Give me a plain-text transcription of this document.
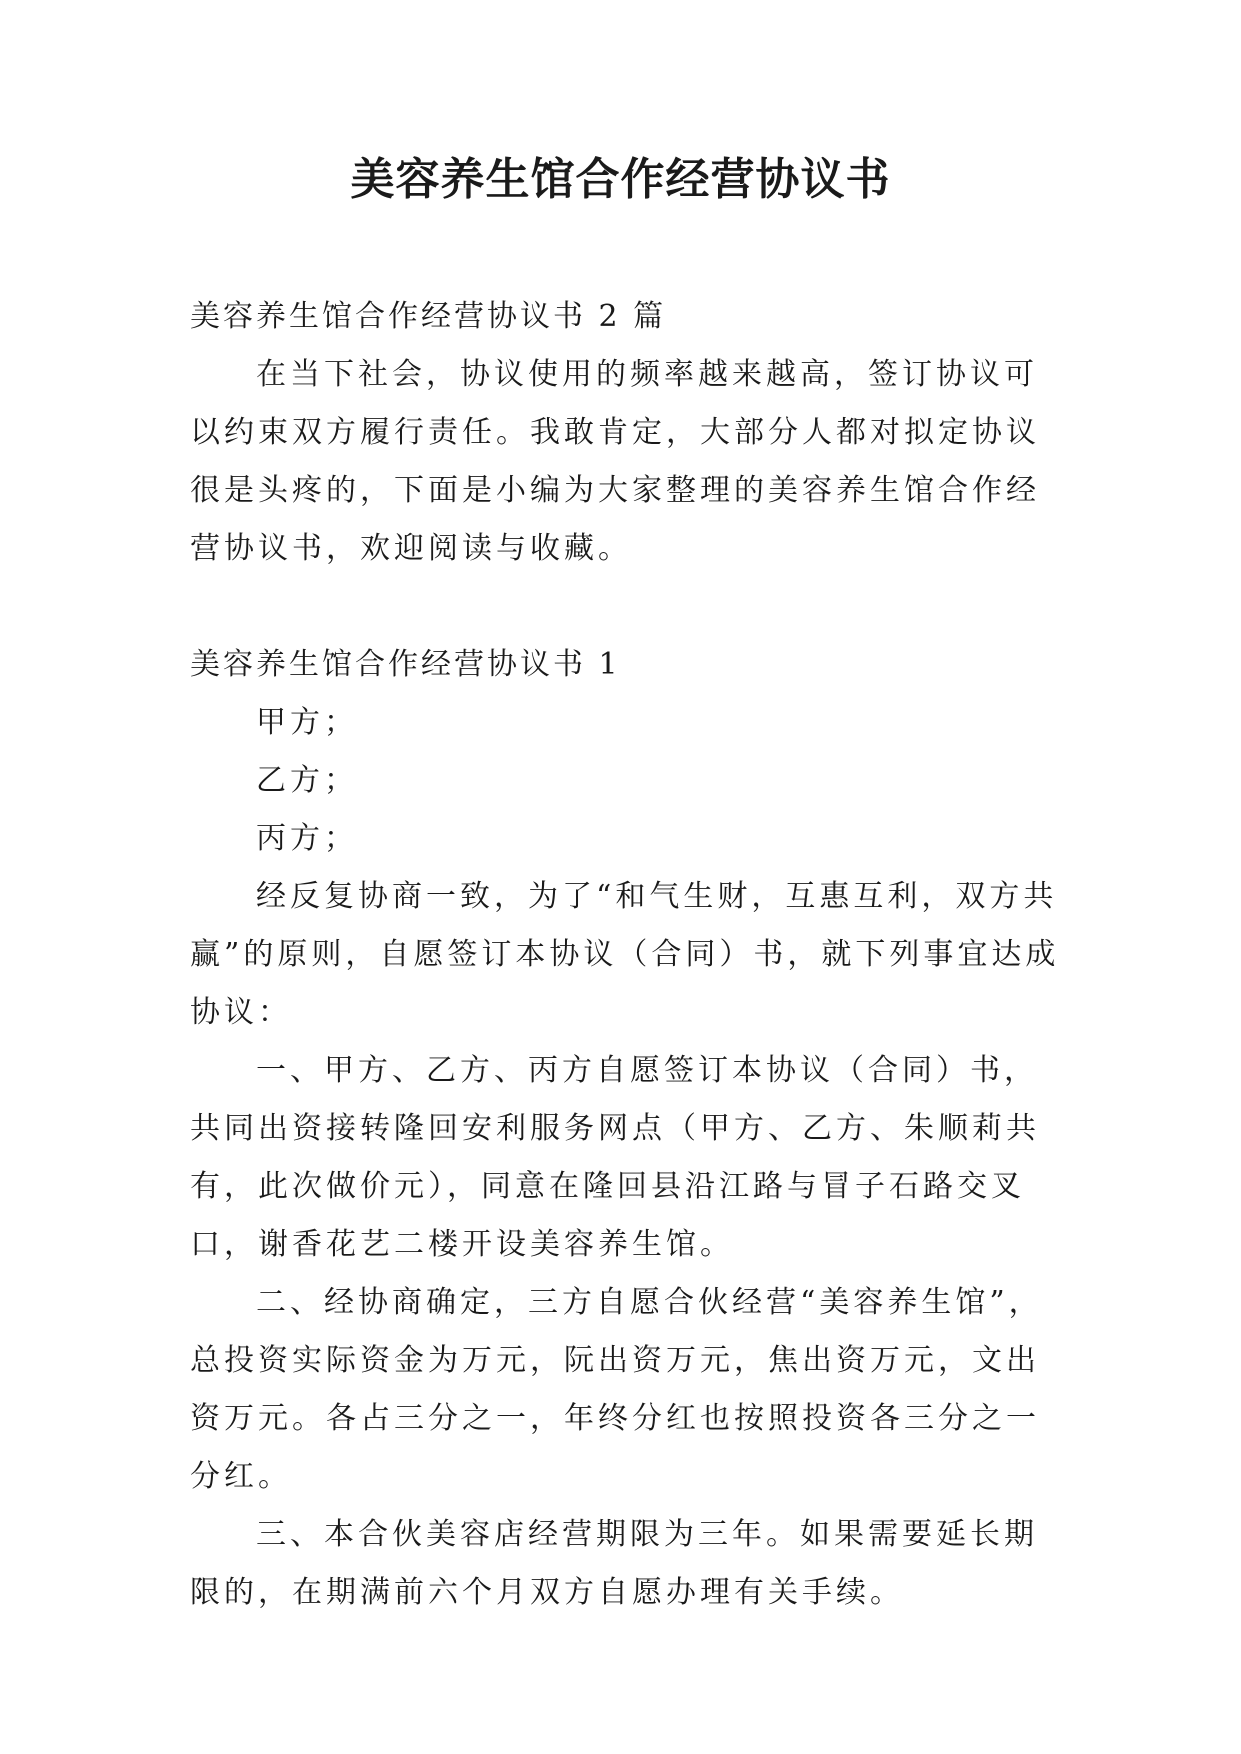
美容养生馆合作经营协议书

美容养生馆合作经营协议书 2 篇

在当下社会，协议使用的频率越来越高，签订协议可以约束双方履行责任。我敢肯定，大部分人都对拟定协议很是头疼的，下面是小编为大家整理的美容养生馆合作经营协议书，欢迎阅读与收藏。

美容养生馆合作经营协议书 1

甲方；

乙方；

丙方；

经反复协商一致，为了“和气生财，互惠互利，双方共赢”的原则，自愿签订本协议（合同）书，就下列事宜达成协议：

一、甲方、乙方、丙方自愿签订本协议（合同）书，共同出资接转隆回安利服务网点（甲方、乙方、朱顺莉共有，此次做价元），同意在隆回县沿江路与冒子石路交叉口，谢香花艺二楼开设美容养生馆。

二、经协商确定，三方自愿合伙经营“美容养生馆”，总投资实际资金为万元，阮出资万元，焦出资万元，文出资万元。各占三分之一，年终分红也按照投资各三分之一分红。

三、本合伙美容店经营期限为三年。如果需要延长期限的，在期满前六个月双方自愿办理有关手续。
